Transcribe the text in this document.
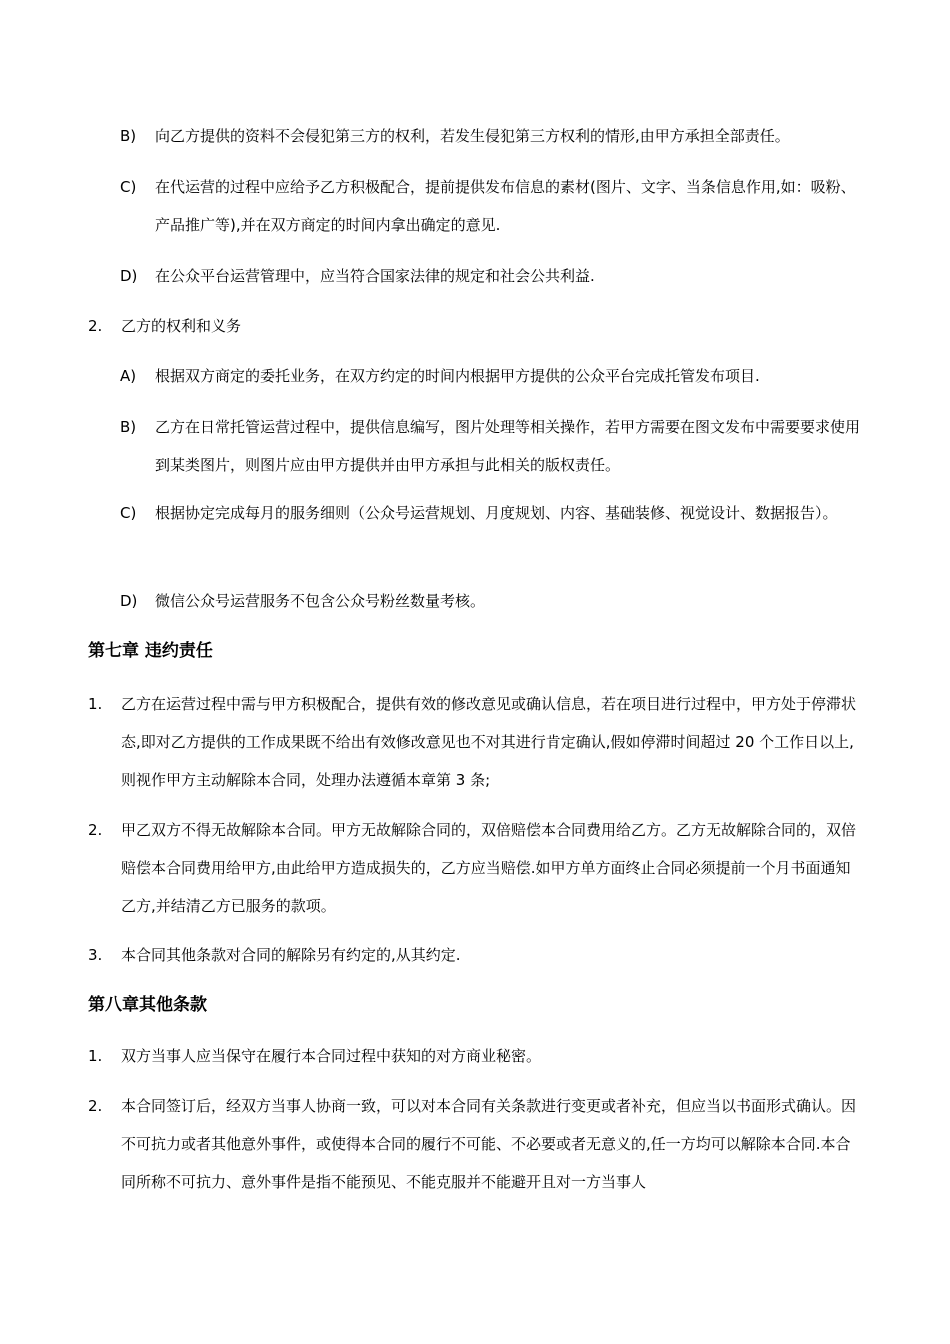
B) 向乙方提供的资料不会侵犯第三方的权利，若发生侵犯第三方权利的情形,由甲方承担全部责任。
C) 在代运营的过程中应给予乙方积极配合，提前提供发布信息的素材(图片、文字、当条信息作用,如：吸粉、产品推广等),并在双方商定的时间内拿出确定的意见.
D) 在公众平台运营管理中，应当符合国家法律的规定和社会公共利益.
2. 乙方的权利和义务
A) 根据双方商定的委托业务，在双方约定的时间内根据甲方提供的公众平台完成托管发布项目.
B) 乙方在日常托管运营过程中，提供信息编写，图片处理等相关操作，若甲方需要在图文发布中需要要求使用到某类图片，则图片应由甲方提供并由甲方承担与此相关的版权责任。
C) 根据协定完成每月的服务细则（公众号运营规划、月度规划、内容、基础装修、视觉设计、数据报告）。
D) 微信公众号运营服务不包含公众号粉丝数量考核。
第七章 违约责任
1. 乙方在运营过程中需与甲方积极配合，提供有效的修改意见或确认信息，若在项目进行过程中，甲方处于停滞状态,即对乙方提供的工作成果既不给出有效修改意见也不对其进行肯定确认,假如停滞时间超过 20 个工作日以上,则视作甲方主动解除本合同，处理办法遵循本章第 3 条;
2. 甲乙双方不得无故解除本合同。甲方无故解除合同的，双倍赔偿本合同费用给乙方。乙方无故解除合同的，双倍赔偿本合同费用给甲方,由此给甲方造成损失的，乙方应当赔偿.如甲方单方面终止合同必须提前一个月书面通知乙方,并结清乙方已服务的款项。
3. 本合同其他条款对合同的解除另有约定的,从其约定.
第八章其他条款
1. 双方当事人应当保守在履行本合同过程中获知的对方商业秘密。
2. 本合同签订后，经双方当事人协商一致，可以对本合同有关条款进行变更或者补充，但应当以书面形式确认。因不可抗力或者其他意外事件，或使得本合同的履行不可能、不必要或者无意义的,任一方均可以解除本合同.本合同所称不可抗力、意外事件是指不能预见、不能克服并不能避开且对一方当事人
